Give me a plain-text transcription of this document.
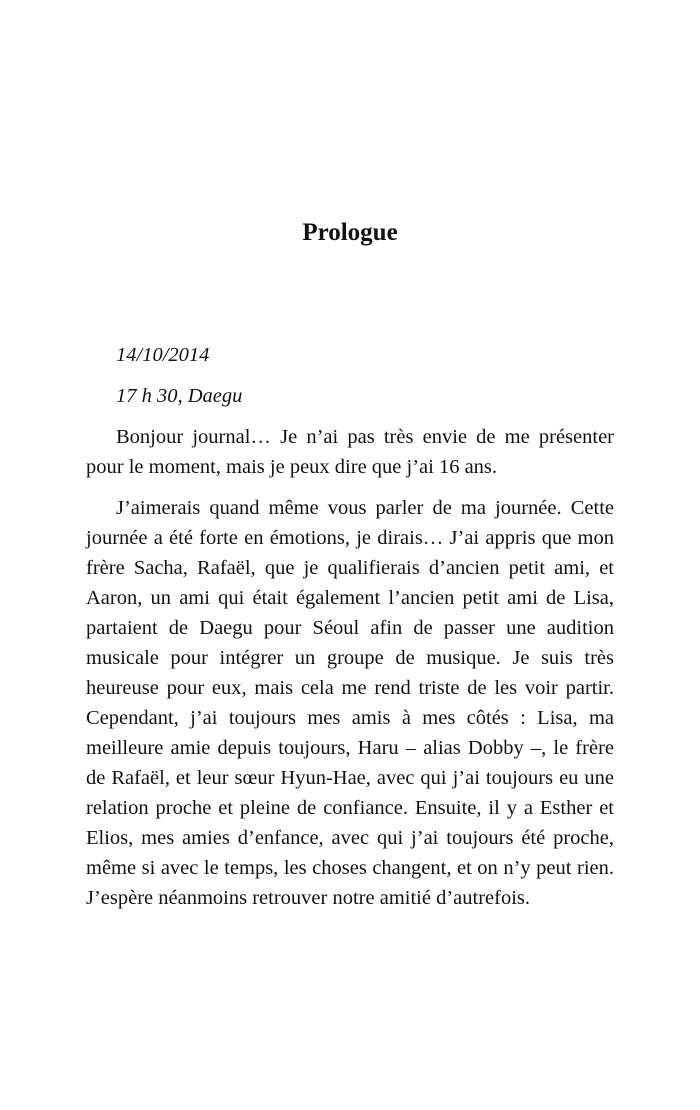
Prologue

14/10/2014

17 h 30, Daegu

Bonjour journal… Je n’ai pas très envie de me présenter pour le moment, mais je peux dire que j’ai 16 ans.

J’aimerais quand même vous parler de ma journée. Cette journée a été forte en émotions, je dirais… J’ai appris que mon frère Sacha, Rafaël, que je qualifierais d’ancien petit ami, et Aaron, un ami qui était également l’ancien petit ami de Lisa, partaient de Daegu pour Séoul afin de passer une audition musicale pour intégrer un groupe de musique. Je suis très heureuse pour eux, mais cela me rend triste de les voir partir. Cependant, j’ai toujours mes amis à mes côtés : Lisa, ma meilleure amie depuis toujours, Haru – alias Dobby –, le frère de Rafaël, et leur sœur Hyun-Hae, avec qui j’ai toujours eu une relation proche et pleine de confiance. Ensuite, il y a Esther et Elios, mes amies d’enfance, avec qui j’ai toujours été proche, même si avec le temps, les choses changent, et on n’y peut rien. J’espère néanmoins retrouver notre amitié d’autrefois.
